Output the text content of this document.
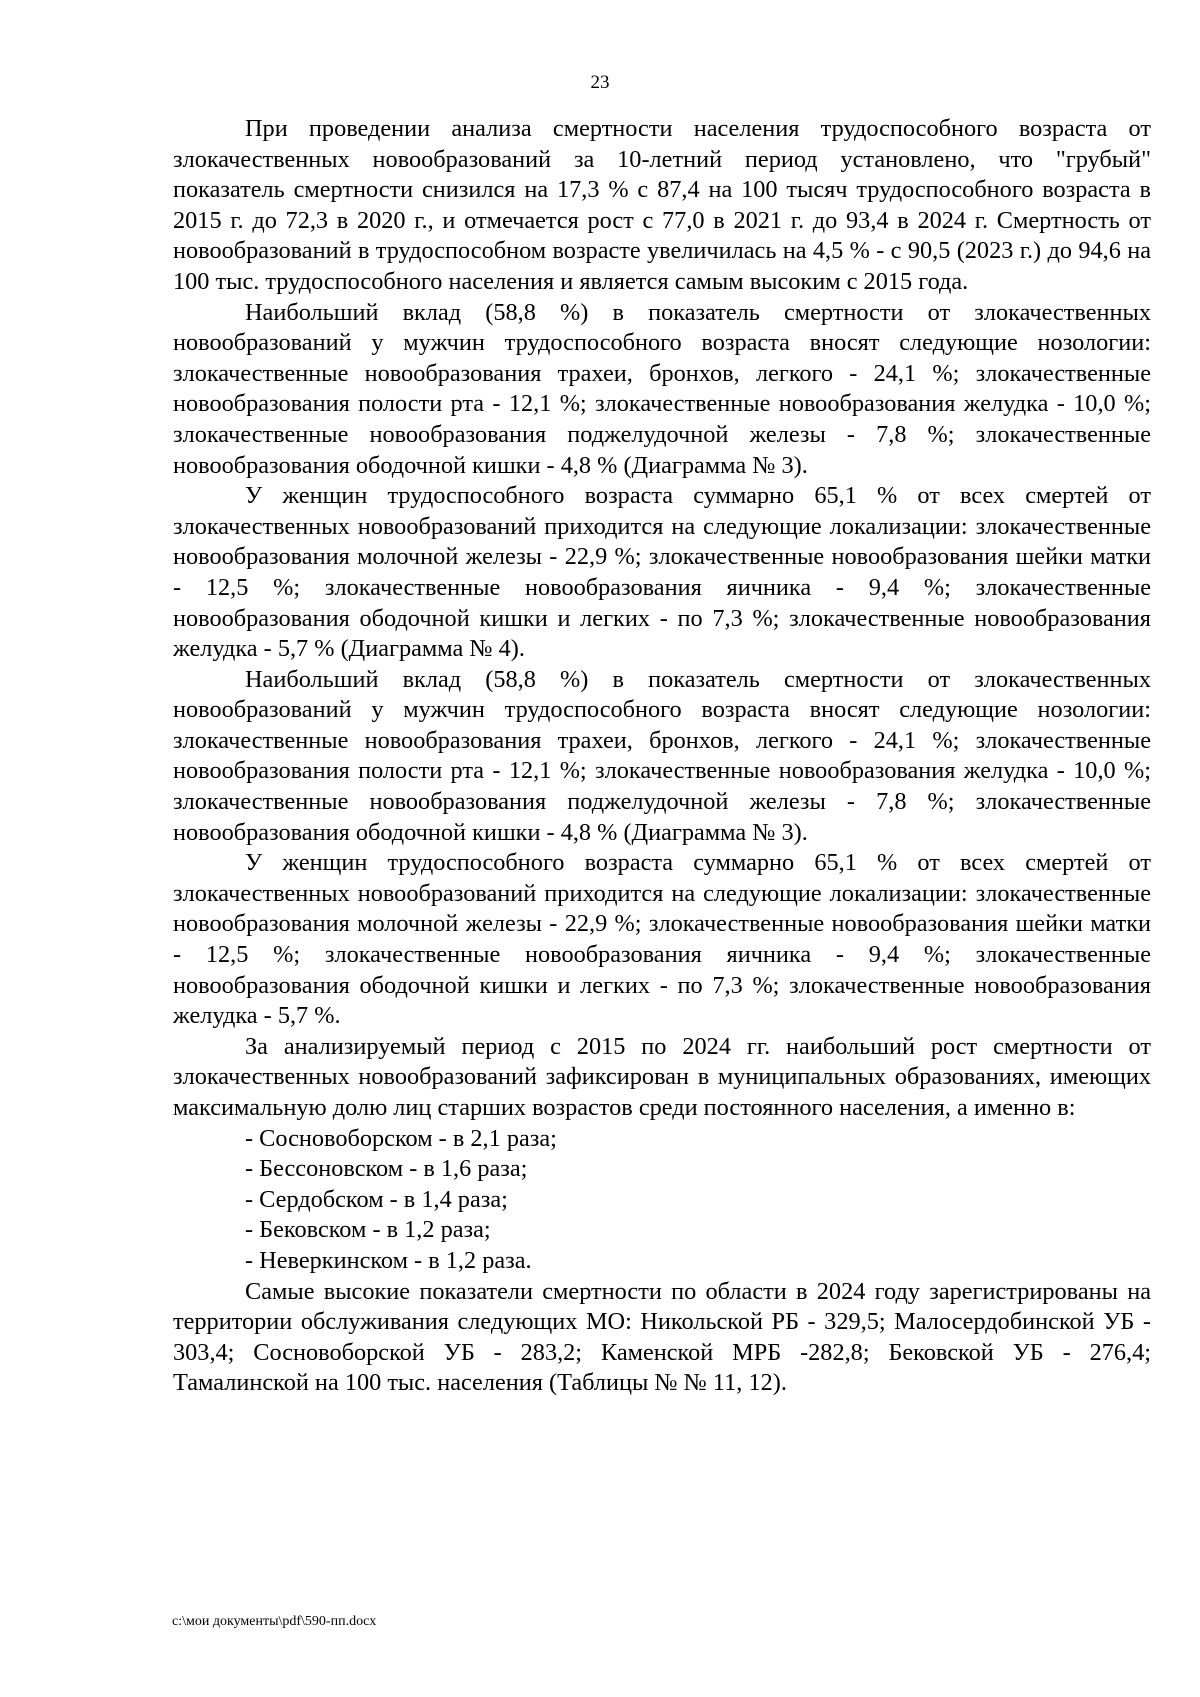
23

При проведении анализа смертности населения трудоспособного возраста от злокачественных новообразований за 10-летний период установлено, что "грубый" показатель смертности снизился на 17,3 % с 87,4 на 100 тысяч трудоспособного возраста в 2015 г. до 72,3 в 2020 г., и отмечается рост с 77,0 в 2021 г. до 93,4 в 2024 г. Смертность от новообразований в трудоспособном возрасте увеличилась на 4,5 % - с 90,5 (2023 г.) до 94,6 на 100 тыс. трудоспособного населения и является самым высоким с 2015 года.

Наибольший вклад (58,8 %) в показатель смертности от злокачественных новообразований у мужчин трудоспособного возраста вносят следующие нозологии: злокачественные новообразования трахеи, бронхов, легкого - 24,1 %; злокачественные новообразования полости рта - 12,1 %; злокачественные новообразования желудка - 10,0 %; злокачественные новообразования поджелудочной железы - 7,8 %; злокачественные новообразования ободочной кишки - 4,8 % (Диаграмма № 3).

У женщин трудоспособного возраста суммарно 65,1 % от всех смертей от злокачественных новообразований приходится на следующие локализации: злокачественные новообразования молочной железы - 22,9 %; злокачественные новообразования шейки матки - 12,5 %; злокачественные новообразования яичника - 9,4 %; злокачественные новообразования ободочной кишки и легких - по 7,3 %; злокачественные новообразования желудка - 5,7 % (Диаграмма № 4).

Наибольший вклад (58,8 %) в показатель смертности от злокачественных новообразований у мужчин трудоспособного возраста вносят следующие нозологии: злокачественные новообразования трахеи, бронхов, легкого - 24,1 %; злокачественные новообразования полости рта - 12,1 %; злокачественные новообразования желудка - 10,0 %; злокачественные новообразования поджелудочной железы - 7,8 %; злокачественные новообразования ободочной кишки - 4,8 % (Диаграмма № 3).

У женщин трудоспособного возраста суммарно 65,1 % от всех смертей от злокачественных новообразований приходится на следующие локализации: злокачественные новообразования молочной железы - 22,9 %; злокачественные новообразования шейки матки - 12,5 %; злокачественные новообразования яичника - 9,4 %; злокачественные новообразования ободочной кишки и легких - по 7,3 %; злокачественные новообразования желудка - 5,7 %.

За анализируемый период с 2015 по 2024 гг. наибольший рост смертности от злокачественных новообразований зафиксирован в муниципальных образованиях, имеющих максимальную долю лиц старших возрастов среди постоянного населения, а именно в:

- Сосновоборском - в 2,1 раза;
- Бессоновском - в 1,6 раза;
- Сердобском - в 1,4 раза;
- Бековском - в 1,2 раза;
- Неверкинском - в 1,2 раза.

Самые высокие показатели смертности по области в 2024 году зарегистрированы на территории обслуживания следующих МО: Никольской РБ - 329,5; Малосердобинской УБ - 303,4; Сосновоборской УБ - 283,2; Каменской МРБ -282,8; Бековской УБ - 276,4; Тамалинской на 100 тыс. населения (Таблицы № № 11, 12).

c:\мои документы\pdf\590-пп.docx
